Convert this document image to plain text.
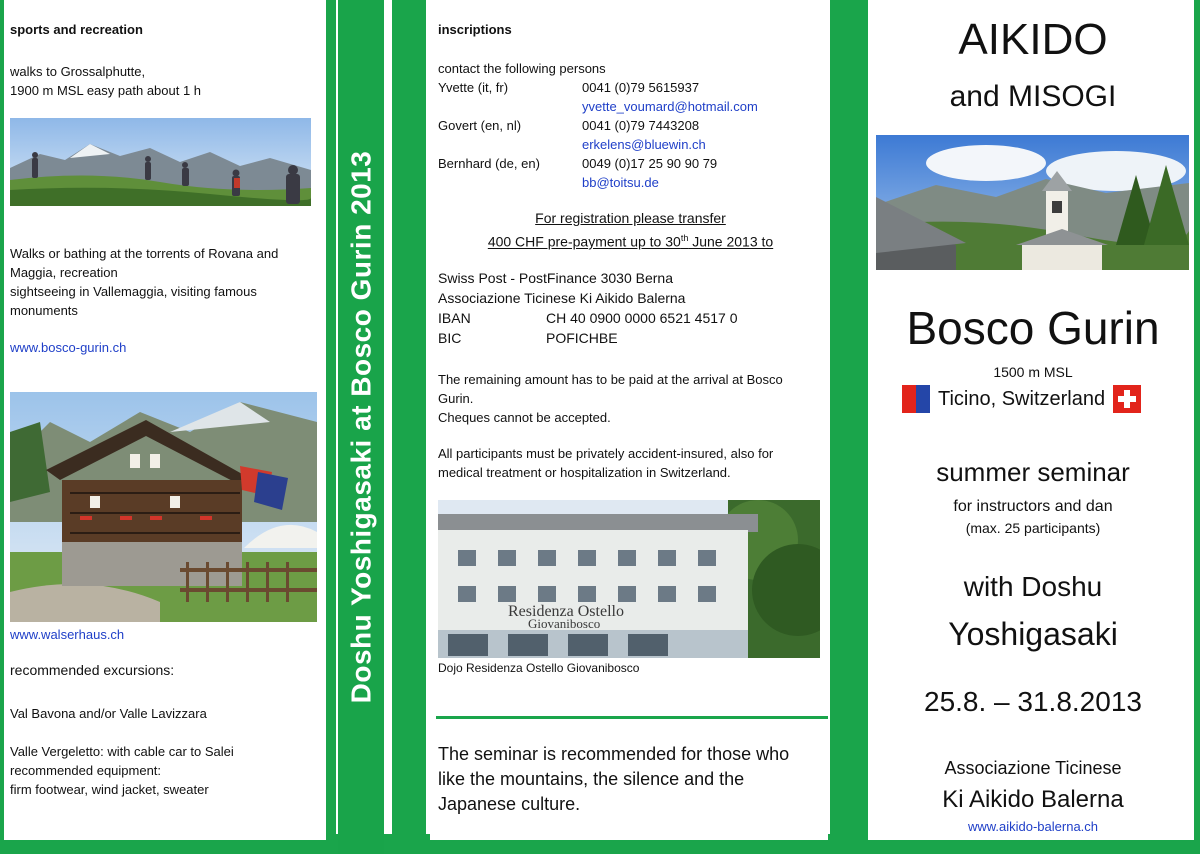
Doshu Yoshigasaki at Bosco Gurin 2013
sports and recreation
walks to Grossalphutte,
1900 m MSL easy path about 1 h
Walks or bathing at the torrents of Rovana and
Maggia, recreation
sightseeing in Vallemaggia, visiting famous
monuments
www.bosco-gurin.ch
www.walserhaus.ch
recommended excursions:
Val Bavona and/or Valle Lavizzara
Valle Vergeletto: with cable car to Salei
recommended equipment:
firm footwear, wind jacket, sweater
inscriptions
contact the following persons
Yvette (it, fr)	0041 (0)79 5615937
yvette_voumard@hotmail.com
Govert (en, nl)	0041 (0)79 7443208
erkelens@bluewin.ch
Bernhard (de, en)	0049 (0)17 25 90 90 79
bb@toitsu.de
For registration please transfer
400 CHF pre-payment up to 30th June 2013 to
Swiss Post - PostFinance 3030 Berna
Associazione Ticinese Ki Aikido Balerna
IBAN	CH 40 0900 0000 6521 4517 0
BIC	POFICHBE
The remaining amount has to be paid at the arrival at Bosco
Gurin.
Cheques cannot be accepted.
All participants must be privately accident-insured, also for
medical treatment or hospitalization in Switzerland.
Residenza Ostello
Giovanibosco
Dojo Residenza Ostello Giovanibosco
The seminar is recommended for those who
like the mountains, the silence and the
Japanese culture.
AIKIDO
and MISOGI
Bosco Gurin
1500 m MSL
Ticino, Switzerland
summer seminar
for instructors and dan
(max. 25 participants)
with Doshu
Yoshigasaki
25.8. – 31.8.2013
Associazione Ticinese
Ki Aikido Balerna
www.aikido-balerna.ch
